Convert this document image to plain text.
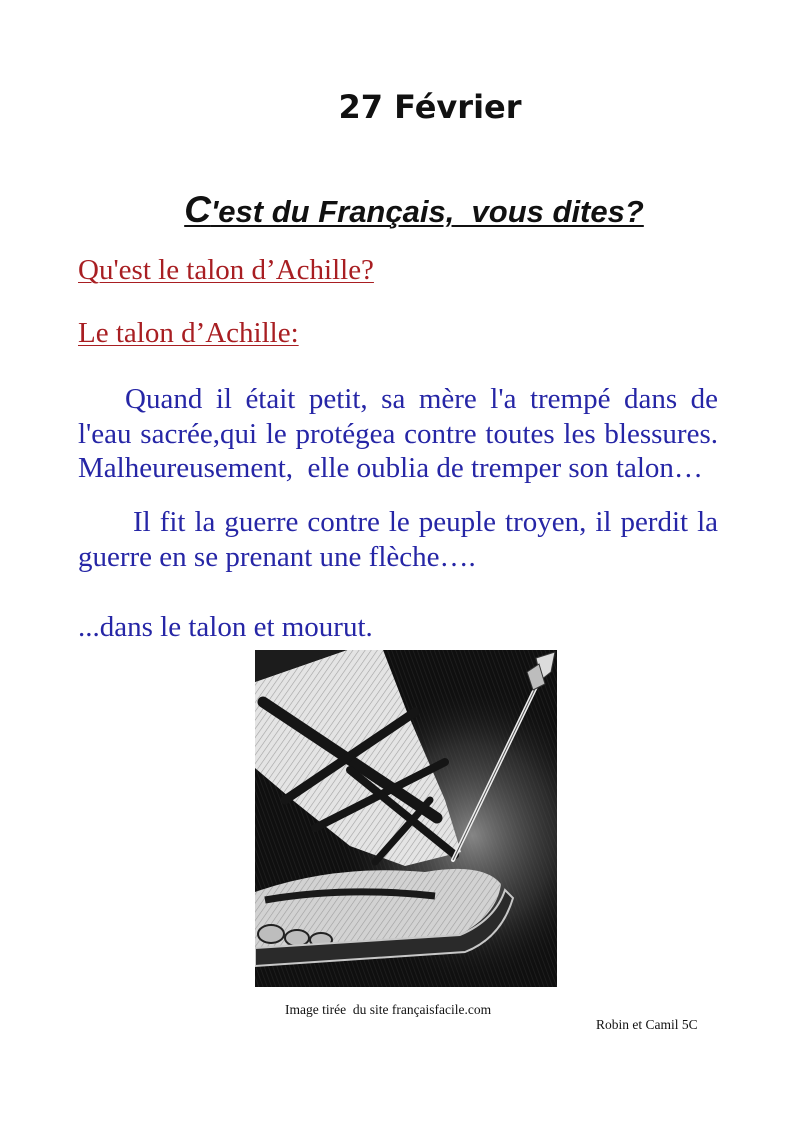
27 Février
C'est du Français,  vous dites?
Qu'est le talon d’Achille?
Le talon d’Achille:
Quand il était petit, sa mère l'a trempé dans de
l'eau sacrée,qui le protégea contre toutes les blessures.
Malheureusement,  elle oublia de tremper son talon…
Il fit la guerre contre le peuple troyen, il perdit la
guerre en se prenant une flèche….
...dans le talon et mourut.
Image tirée  du site françaisfacile.com
Robin et Camil 5C
